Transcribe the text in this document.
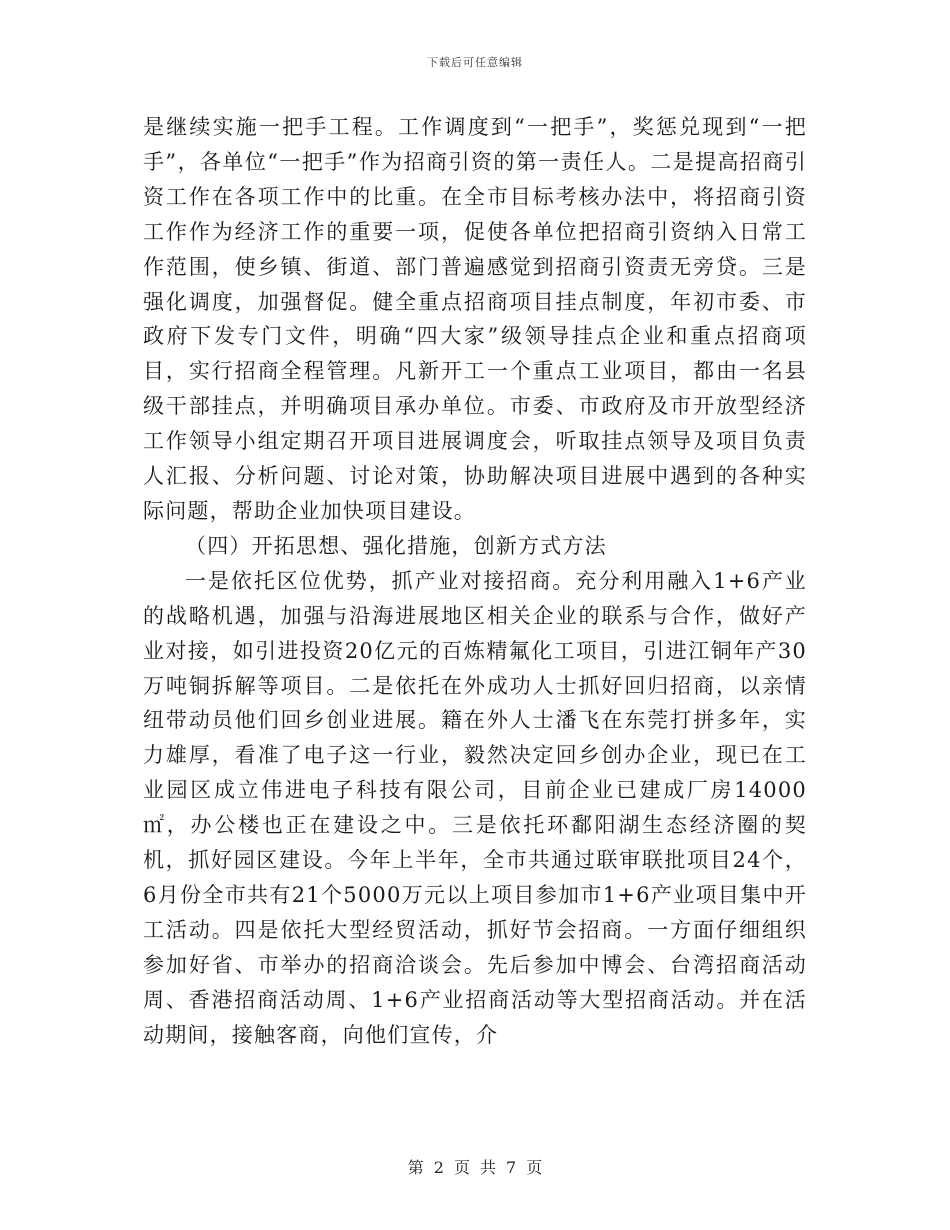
下载后可任意编辑

是继续实施一把手工程。工作调度到“一把手”，奖惩兑现到“一把手”，各单位“一把手”作为招商引资的第一责任人。二是提高招商引资工作在各项工作中的比重。在全市目标考核办法中，将招商引资工作作为经济工作的重要一项，促使各单位把招商引资纳入日常工作范围，使乡镇、街道、部门普遍感觉到招商引资责无旁贷。三是强化调度，加强督促。健全重点招商项目挂点制度，年初市委、市政府下发专门文件，明确“四大家”级领导挂点企业和重点招商项目，实行招商全程管理。凡新开工一个重点工业项目，都由一名县级干部挂点，并明确项目承办单位。市委、市政府及市开放型经济工作领导小组定期召开项目进展调度会，听取挂点领导及项目负责人汇报、分析问题、讨论对策，协助解决项目进展中遇到的各种实际问题，帮助企业加快项目建设。

（四）开拓思想、强化措施，创新方式方法

一是依托区位优势，抓产业对接招商。充分利用融入1+6产业的战略机遇，加强与沿海进展地区相关企业的联系与合作，做好产业对接，如引进投资20亿元的百炼精氟化工项目，引进江铜年产30万吨铜拆解等项目。二是依托在外成功人士抓好回归招商，以亲情纽带动员他们回乡创业进展。籍在外人士潘飞在东莞打拼多年，实力雄厚，看准了电子这一行业，毅然决定回乡创办企业，现已在工业园区成立伟进电子科技有限公司，目前企业已建成厂房14000㎡，办公楼也正在建设之中。三是依托环鄱阳湖生态经济圈的契机，抓好园区建设。今年上半年，全市共通过联审联批项目24个，6月份全市共有21个5000万元以上项目参加市1+6产业项目集中开工活动。四是依托大型经贸活动，抓好节会招商。一方面仔细组织参加好省、市举办的招商洽谈会。先后参加中博会、台湾招商活动周、香港招商活动周、1+6产业招商活动等大型招商活动。并在活动期间，接触客商，向他们宣传，介

第 2 页 共 7 页
